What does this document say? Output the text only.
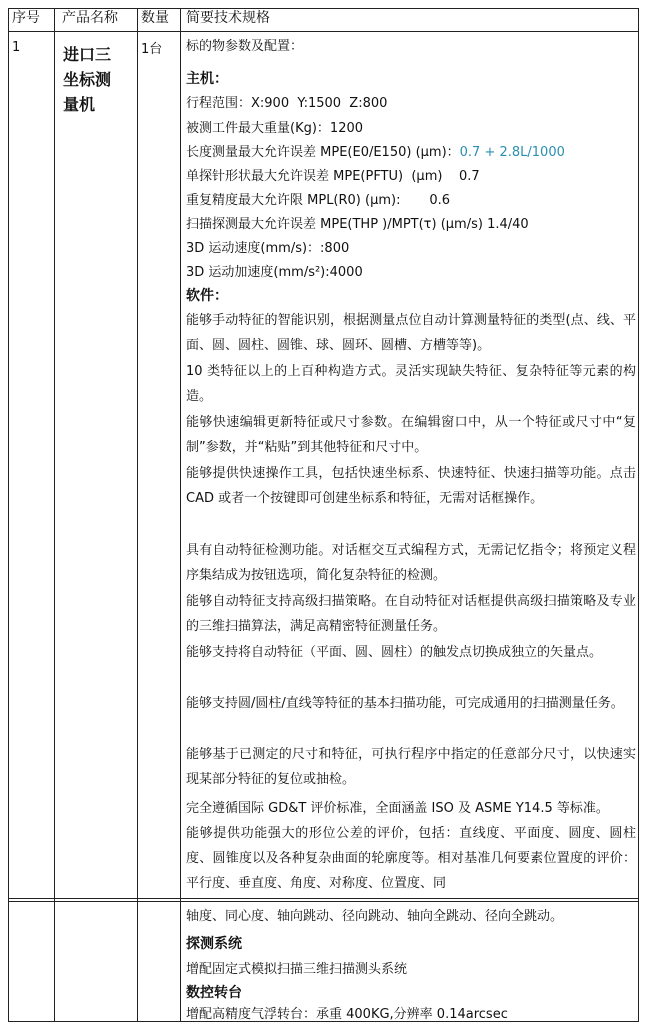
序号 产品名称 数量 简要技术规格
1	进口三
坐标测
量机
1台 标的物参数及配置：
主机：
行程范围：X:900  Y:1500  Z:800
被测工件最大重量(Kg)：1200
长度测量最大允许误差 MPE(E0/E150) (μm)：0.7 + 2.8L/1000
单探针形状最大允许误差 MPE(PFTU)  (μm)    0.7
重复精度最大允许限 MPL(R0) (μm):       0.6
扫描探测最大允许误差 MPE(THP )/MPT(τ) (μm/s) 1.4/40
3D 运动速度(mm/s)：:800
3D 运动加速度(mm/s²):4000
软件：
能够手动特征的智能识别，根据测量点位自动计算测量特征的类型(点、线、平面、圆、圆柱、圆锥、球、圆环、圆槽、方槽等等)。
10 类特征以上的上百种构造方式。灵活实现缺失特征、复杂特征等元素的构造。
能够快速编辑更新特征或尺寸参数。在编辑窗口中，从一个特征或尺寸中“复制”参数，并“粘贴”到其他特征和尺寸中。
能够提供快速操作工具，包括快速坐标系、快速特征、快速扫描等功能。点击 CAD 或者一个按键即可创建坐标系和特征，无需对话框操作。
具有自动特征检测功能。对话框交互式编程方式，无需记忆指令；将预定义程序集结成为按钮选项，简化复杂特征的检测。
能够自动特征支持高级扫描策略。在自动特征对话框提供高级扫描策略及专业的三维扫描算法，满足高精密特征测量任务。
能够支持将自动特征（平面、圆、圆柱）的触发点切换成独立的矢量点。
能够支持圆/圆柱/直线等特征的基本扫描功能，可完成通用的扫描测量任务。
能够基于已测定的尺寸和特征，可执行程序中指定的任意部分尺寸，以快速实现某部分特征的复位或抽检。
完全遵循国际 GD&T 评价标准，全面涵盖 ISO 及 ASME Y14.5 等标准。
能够提供功能强大的形位公差的评价，包括：直线度、平面度、圆度、圆柱度、圆锥度以及各种复杂曲面的轮廓度等。相对基准几何要素位置度的评价：平行度、垂直度、角度、对称度、位置度、同
轴度、同心度、轴向跳动、径向跳动、轴向全跳动、径向全跳动。
探测系统
增配固定式模拟扫描三维扫描测头系统
数控转台
增配高精度气浮转台：承重 400KG,分辨率 0.14arcsec
